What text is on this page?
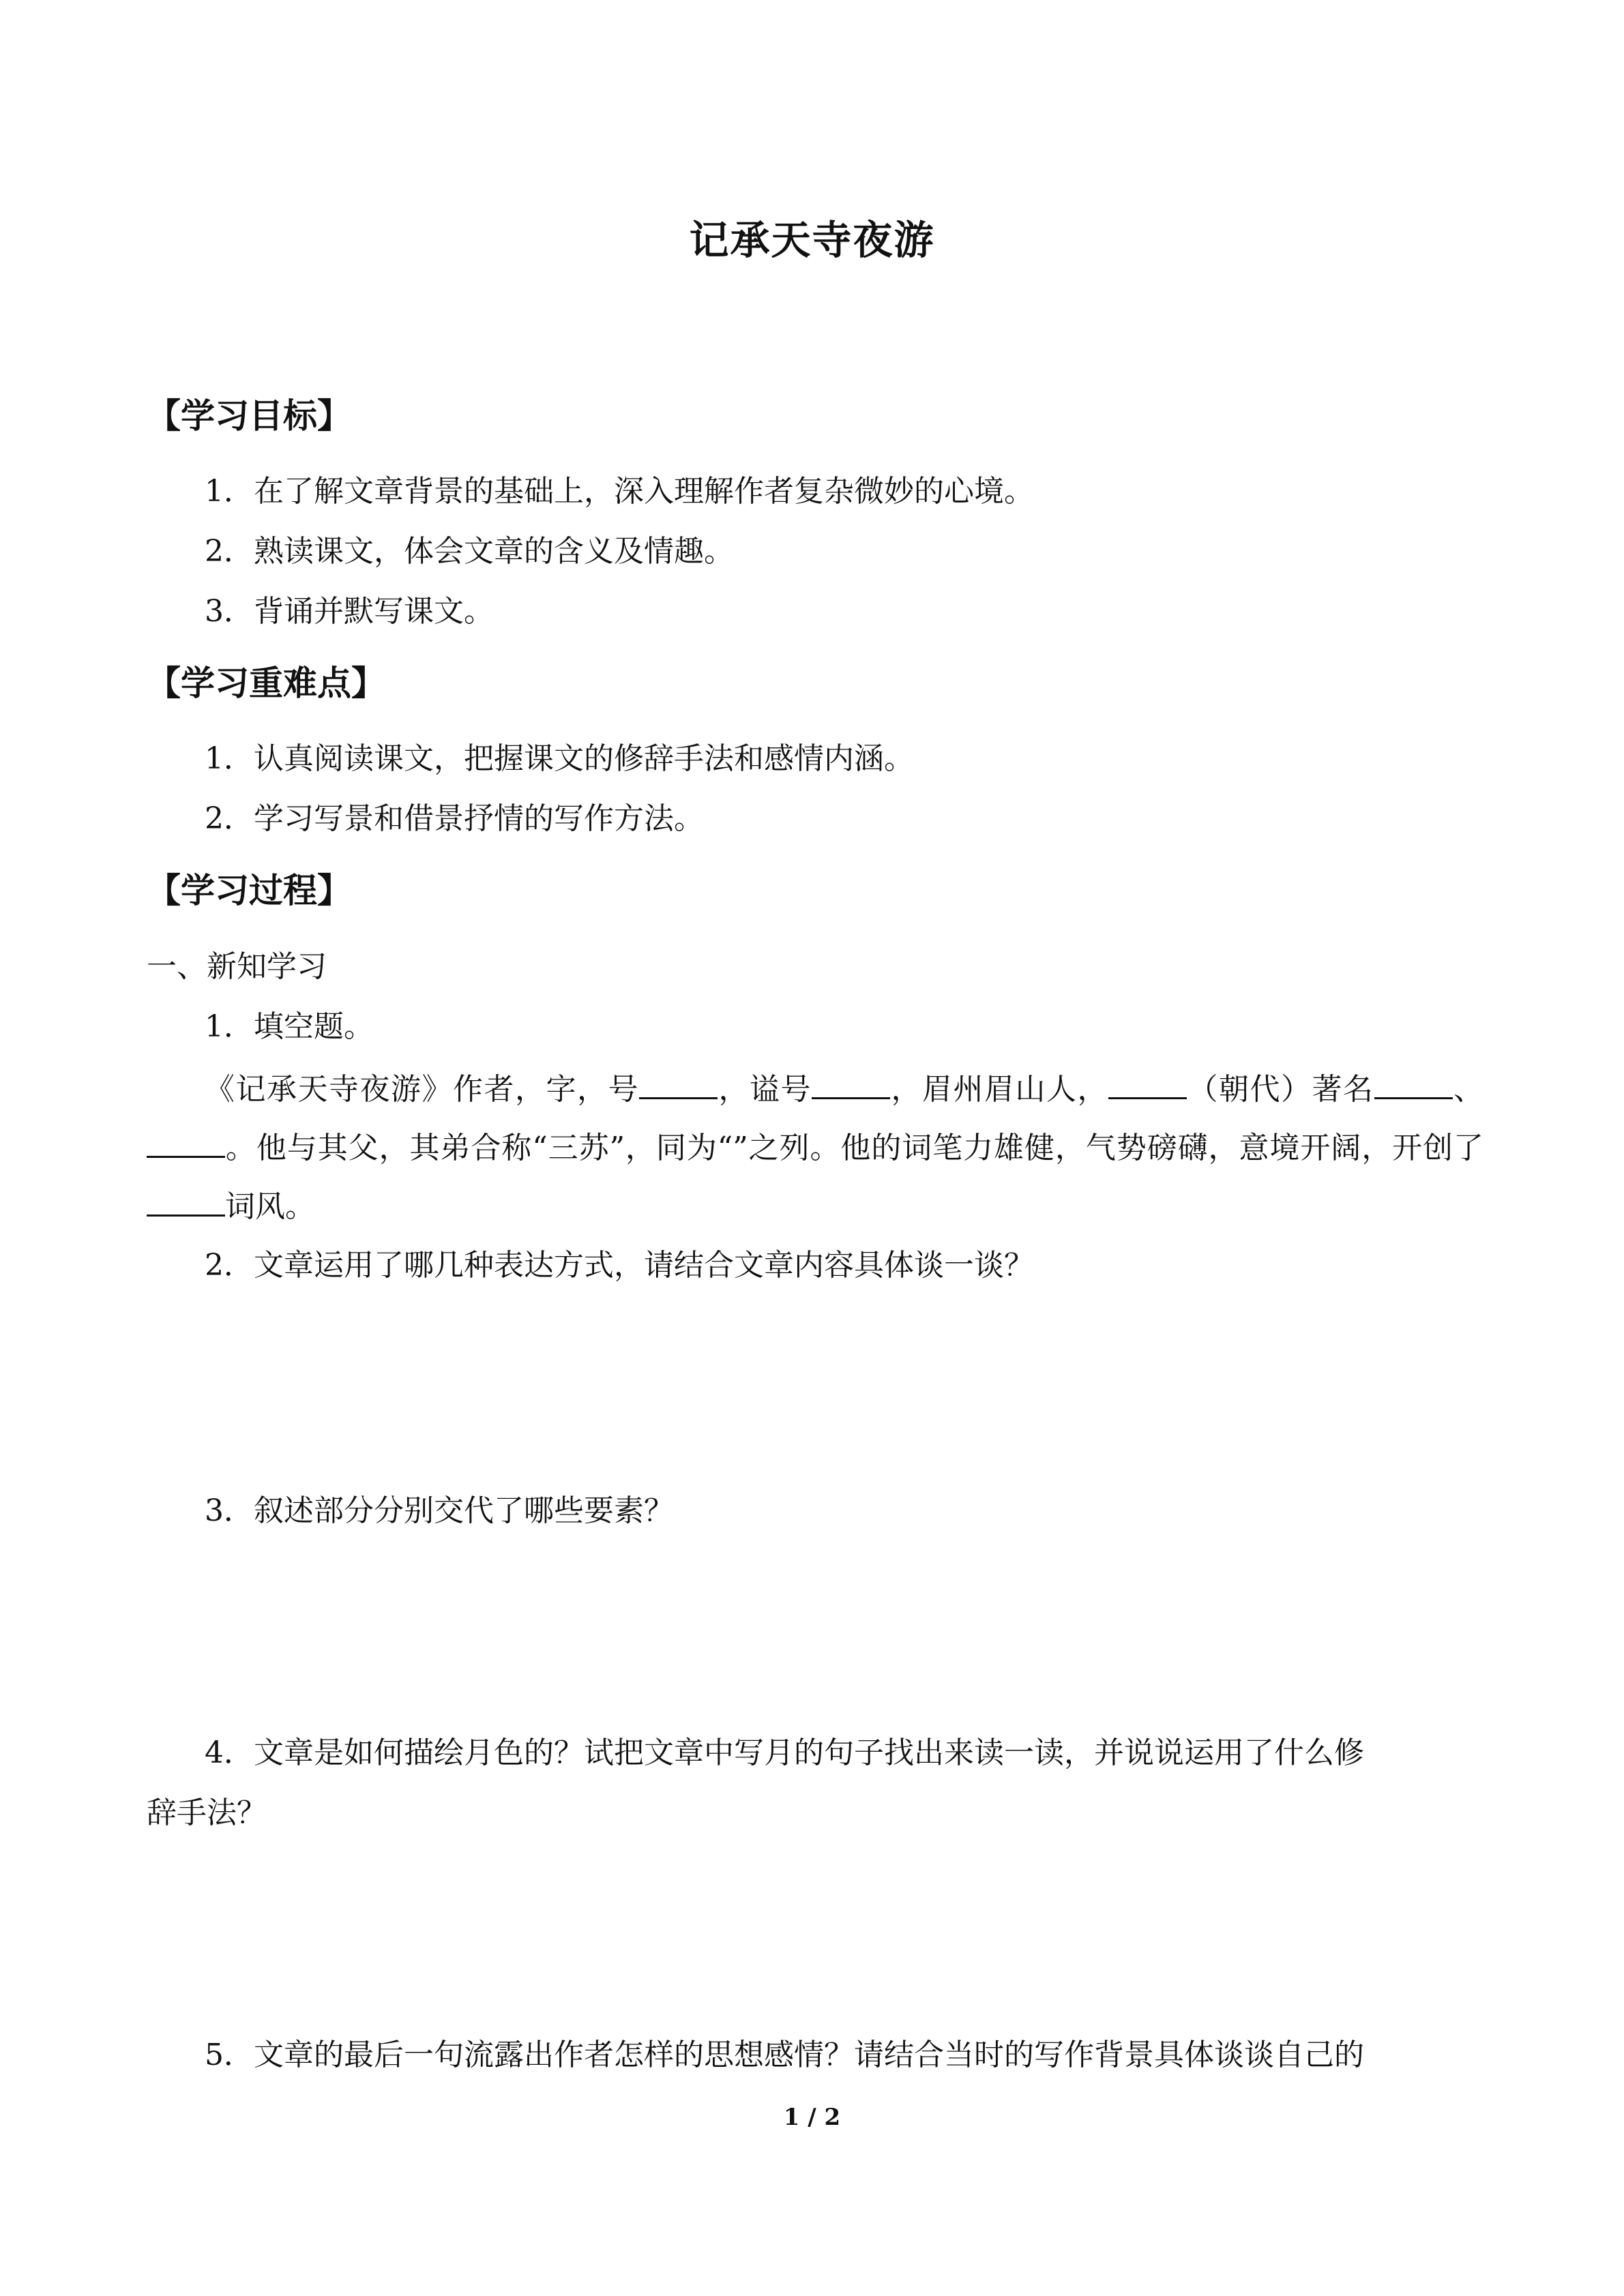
记承天寺夜游
【学习目标】
1．在了解文章背景的基础上，深入理解作者复杂微妙的心境。
2．熟读课文，体会文章的含义及情趣。
3．背诵并默写课文。
【学习重难点】
1．认真阅读课文，把握课文的修辞手法和感情内涵。
2．学习写景和借景抒情的写作方法。
【学习过程】
一、新知学习
1．填空题。
《记承天寺夜游》作者，字，号	，谥号	，眉州眉山人，	（朝代）著名	、。他与其父，其弟合称“三苏”，同为“”之列。他的词笔力雄健，气势磅礴，意境开阔，开创了词风。
2．文章运用了哪几种表达方式，请结合文章内容具体谈一谈？
3．叙述部分分别交代了哪些要素？
4．文章是如何描绘月色的？试把文章中写月的句子找出来读一读，并说说运用了什么修
辞手法？
5．文章的最后一句流露出作者怎样的思想感情？请结合当时的写作背景具体谈谈自己的
1 / 2
